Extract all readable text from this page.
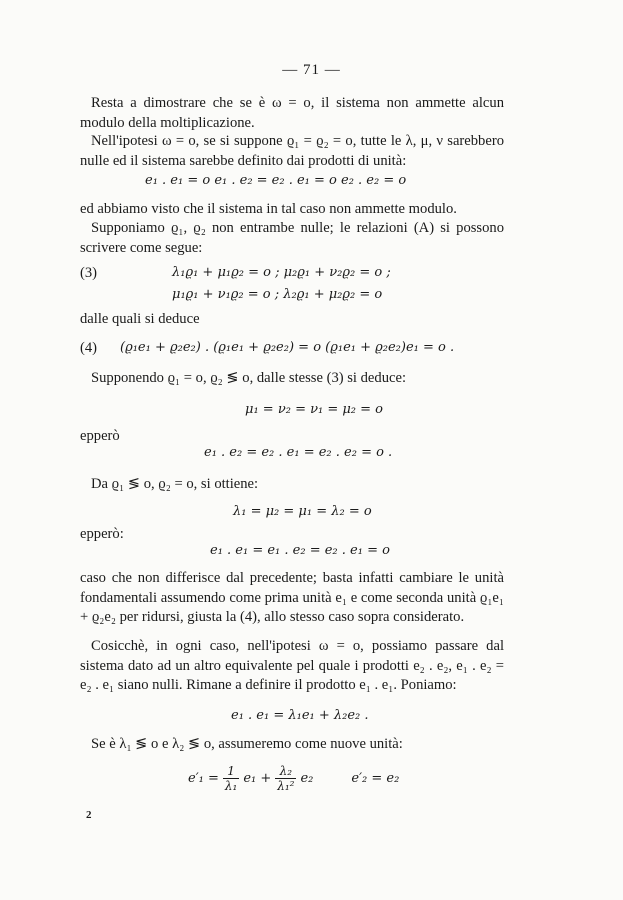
— 71 —

Resta a dimostrare che se è ω = o, il sistema non ammette alcun modulo della moltiplicazione.

Nell'ipotesi ω = o, se si suppone ϱ₁ = ϱ₂ = o, tutte le λ, μ, ν sarebbero nulle ed il sistema sarebbe definito dai prodotti di unità:

e₁ . e₁ = o e₁ . e₂ = e₂ . e₁ = o e₂ . e₂ = o

ed abbiamo visto che il sistema in tal caso non ammette modulo.

Supponiamo ϱ₁, ϱ₂ non entrambe nulle; le relazioni (A) si possono scrivere come segue:

(3)	λ₁ϱ₁ + μ₁ϱ₂ = o ; μ₂ϱ₁ + ν₂ϱ₂ = o ;
μ₁ϱ₁ + ν₁ϱ₂ = o ; λ₂ϱ₁ + μ₂ϱ₂ = o

dalle quali si deduce

(4) (ϱ₁e₁ + ϱ₂e₂) . (ϱ₁e₁ + ϱ₂e₂) = o (ϱ₁e₁ + ϱ₂e₂)e₁ = o .

Supponendo ϱ₁ = o, ϱ₂ ≶ o, dalle stesse (3) si deduce:

μ₁ = ν₂ = ν₁ = μ₂ = o

epperò

e₁ . e₂ = e₂ . e₁ = e₂ . e₂ = o .

Da ϱ₁ ≶ o, ϱ₂ = o, si ottiene:

λ₁ = μ₂ = μ₁ = λ₂ = o

epperò:

e₁ . e₁ = e₁ . e₂ = e₂ . e₁ = o

caso che non differisce dal precedente; basta infatti cambiare le unità fondamentali assumendo come prima unità e₁ e come seconda unità ϱ₁e₁ + ϱ₂e₂ per ridursi, giusta la (4), allo stesso caso sopra considerato.

Cosicchè, in ogni caso, nell'ipotesi ω = o, possiamo passare dal sistema dato ad un altro equivalente pel quale i prodotti e₂ . e₂, e₁ . e₂ = e₂ . e₁ siano nulli. Rimane a definire il prodotto e₁ . e₁. Poniamo:

e₁ . e₁ = λ₁e₁ + λ₂e₂ .

Se è λ₁ ≶ o e λ₂ ≶ o, assumeremo come nuove unità:

$e'_1 = \frac{1}{\text{λ₁}} e_1 + \frac{\text{λ₂}}{\text{λ₁²}} e_2$	e′₂ = e₂
2
